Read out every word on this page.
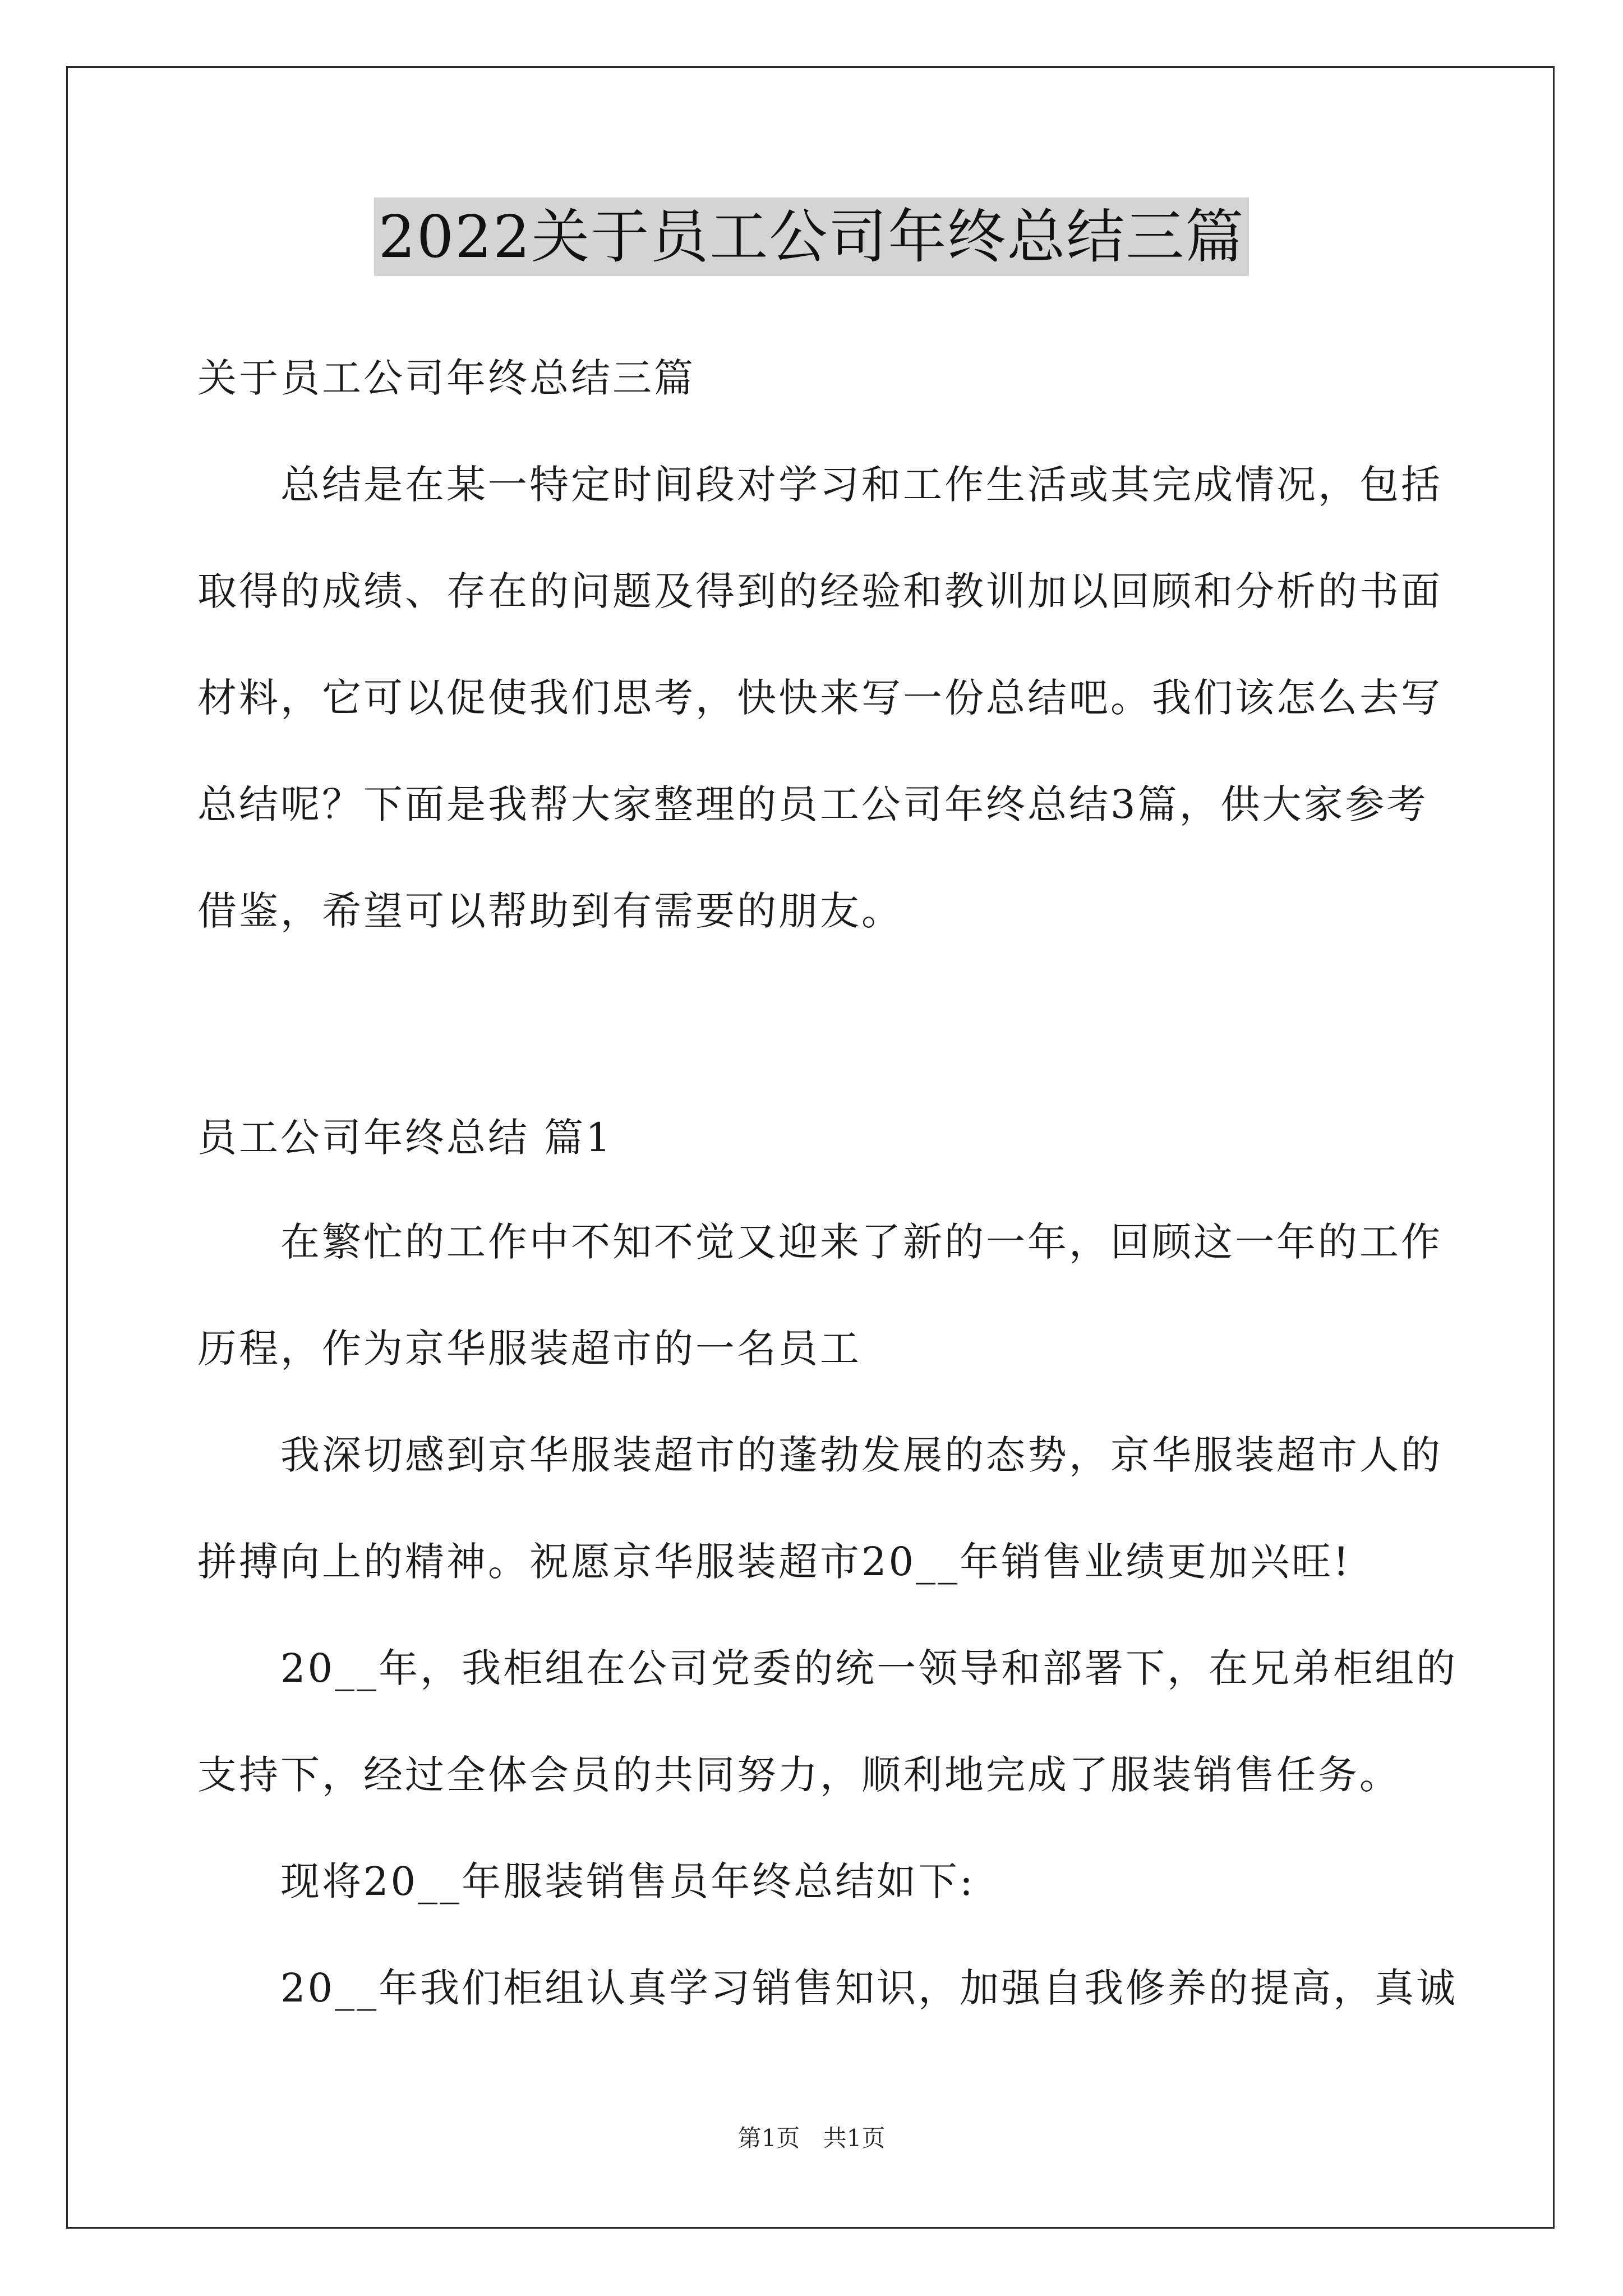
2022关于员工公司年终总结三篇
关于员工公司年终总结三篇
　　总结是在某一特定时间段对学习和工作生活或其完成情况，包括
取得的成绩、存在的问题及得到的经验和教训加以回顾和分析的书面
材料，它可以促使我们思考，快快来写一份总结吧。我们该怎么去写
总结呢？下面是我帮大家整理的员工公司年终总结3篇，供大家参考
借鉴，希望可以帮助到有需要的朋友。
员工公司年终总结 篇1
　　在繁忙的工作中不知不觉又迎来了新的一年，回顾这一年的工作
历程，作为京华服装超市的一名员工
　　我深切感到京华服装超市的蓬勃发展的态势，京华服装超市人的
拼搏向上的精神。祝愿京华服装超市20__年销售业绩更加兴旺!
　　20__年，我柜组在公司党委的统一领导和部署下，在兄弟柜组的
支持下，经过全体会员的共同努力，顺利地完成了服装销售任务。
　　现将20__年服装销售员年终总结如下:
　　20__年我们柜组认真学习销售知识，加强自我修养的提高，真诚
第1页 共1页
